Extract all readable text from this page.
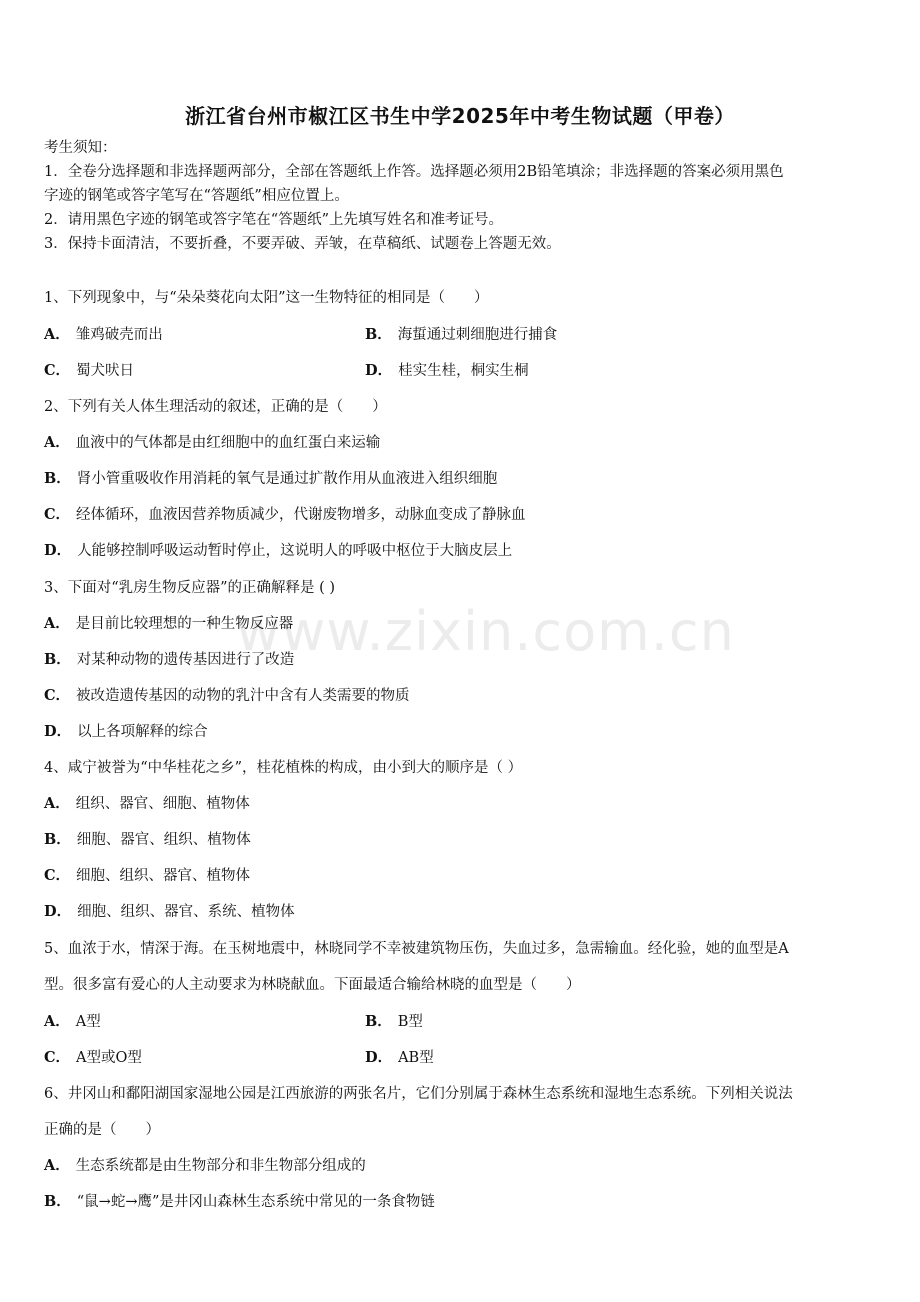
www.zixin.com.cn
浙江省台州市椒江区书生中学2025年中考生物试题（甲卷）
考生须知：
1．全卷分选择题和非选择题两部分，全部在答题纸上作答。选择题必须用2B铅笔填涂；非选择题的答案必须用黑色
字迹的钢笔或答字笔写在“答题纸”相应位置上。
2．请用黑色字迹的钢笔或答字笔在“答题纸”上先填写姓名和准考证号。
3．保持卡面清洁，不要折叠，不要弄破、弄皱，在草稿纸、试题卷上答题无效。
1、下列现象中，与“朵朵葵花向太阳”这一生物特征的相同是（　　）
A． 雏鸡破壳而出	B． 海蜇通过刺细胞进行捕食
C． 蜀犬吠日	D． 桂实生桂，桐实生桐
2、下列有关人体生理活动的叙述，正确的是（　　）
A． 血液中的气体都是由红细胞中的血红蛋白来运输
B． 肾小管重吸收作用消耗的氧气是通过扩散作用从血液进入组织细胞
C． 经体循环，血液因营养物质减少，代谢废物增多，动脉血变成了静脉血
D． 人能够控制呼吸运动暂时停止，这说明人的呼吸中枢位于大脑皮层上
3、下面对“乳房生物反应器”的正确解释是 ( )
A． 是目前比较理想的一种生物反应器
B． 对某种动物的遗传基因进行了改造
C． 被改造遗传基因的动物的乳汁中含有人类需要的物质
D． 以上各项解释的综合
4、咸宁被誉为“中华桂花之乡”，桂花植株的构成，由小到大的顺序是（ ）
A． 组织、器官、细胞、植物体
B． 细胞、器官、组织、植物体
C． 细胞、组织、器官、植物体
D． 细胞、组织、器官、系统、植物体
5、血浓于水，情深于海。在玉树地震中，林晓同学不幸被建筑物压伤，失血过多，急需输血。经化验，她的血型是A
型。很多富有爱心的人主动要求为林晓献血。下面最适合输给林晓的血型是（　　）
A． A型	B． B型
C． A型或O型	D． AB型
6、井冈山和鄱阳湖国家湿地公园是江西旅游的两张名片，它们分别属于森林生态系统和湿地生态系统。下列相关说法
正确的是（　　）
A． 生态系统都是由生物部分和非生物部分组成的
B． “鼠→蛇→鹰”是井冈山森林生态系统中常见的一条食物链
